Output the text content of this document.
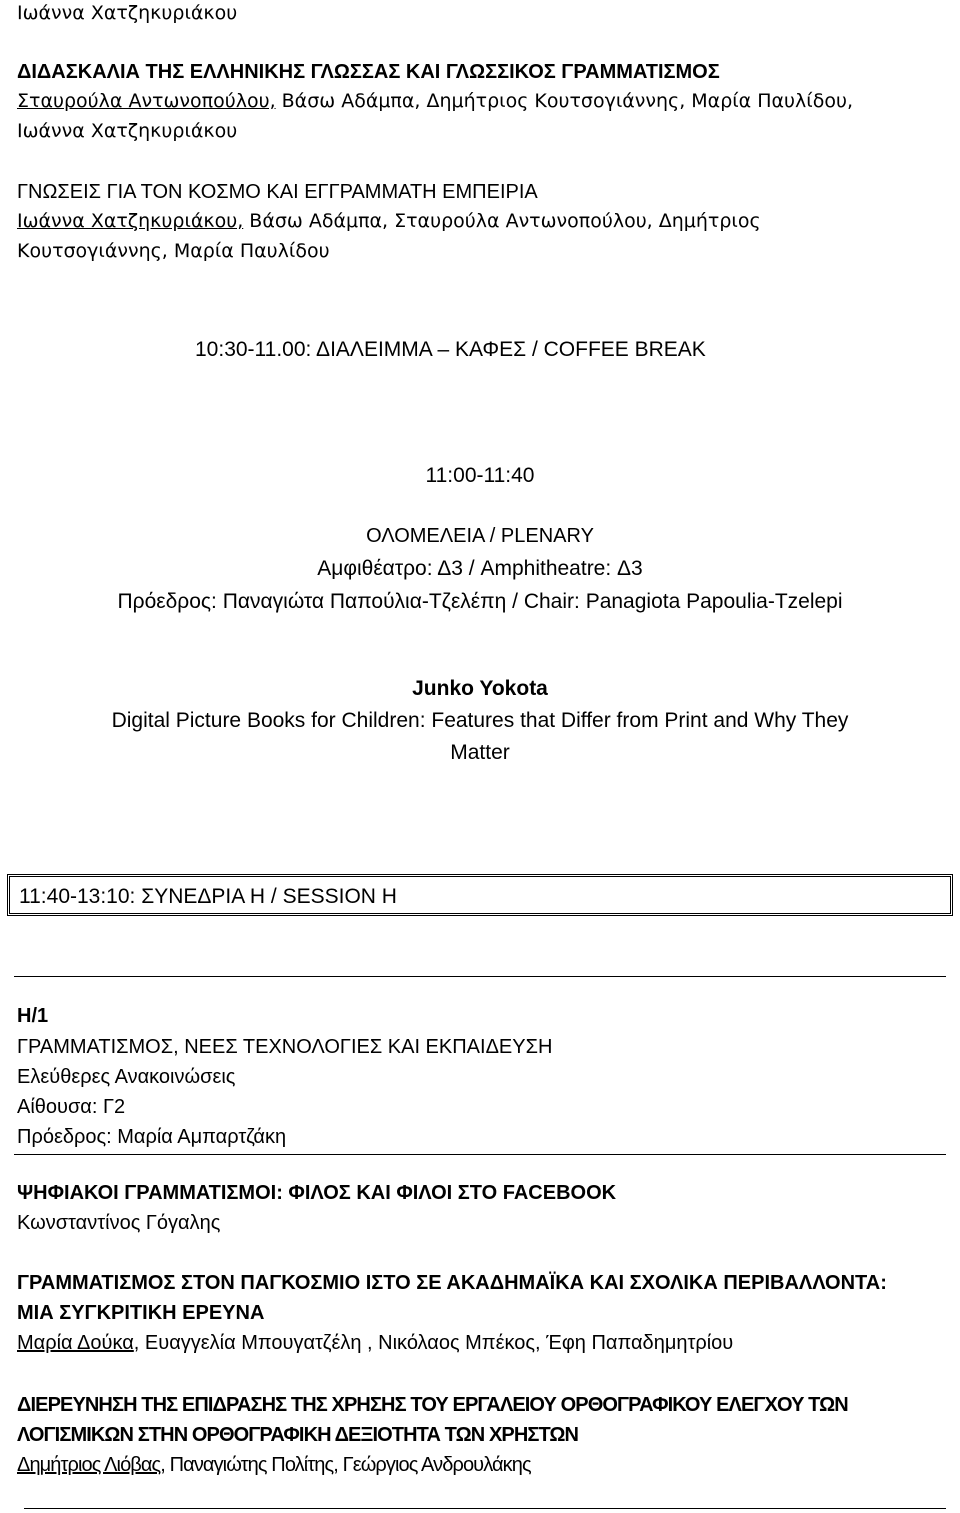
Ιωάννα Χατζηκυριάκου
ΔΙΔΑΣΚΑΛΙΑ ΤΗΣ ΕΛΛΗΝΙΚΗΣ ΓΛΩΣΣΑΣ ΚΑΙ ΓΛΩΣΣΙΚΟΣ ΓΡΑΜΜΑΤΙΣΜΟΣ
Σταυρούλα Αντωνοπούλου, Βάσω Αδάμπα, Δημήτριος Κουτσογιάννης, Μαρία Παυλίδου,
Ιωάννα Χατζηκυριάκου
ΓΝΩΣΕΙΣ ΓΙΑ ΤΟΝ ΚΟΣΜΟ ΚΑΙ ΕΓΓΡΑΜΜΑΤΗ ΕΜΠΕΙΡΙΑ
Ιωάννα Χατζηκυριάκου, Βάσω Αδάμπα, Σταυρούλα Αντωνοπούλου, Δημήτριος
Κουτσογιάννης, Μαρία Παυλίδου
10:30-11.00: ΔΙΑΛΕΙΜΜΑ – ΚΑΦΕΣ / COFFEE BREAK
11:00-11:40
ΟΛΟΜΕΛΕΙΑ / PLENARY
Αμφιθέατρο: Δ3 / Amphitheatre: Δ3
Πρόεδρος: Παναγιώτα Παπούλια-Τζελέπη / Chair: Panagiota Papoulia-Tzelepi
Junko Yokota
Digital Picture Books for Children: Features that Differ from Print and Why They
Matter
11:40-13:10: ΣΥΝΕΔΡΙΑ Η / SESSION H
Η/1
ΓΡΑΜΜΑΤΙΣΜΟΣ, ΝΕΕΣ ΤΕΧΝΟΛΟΓΙΕΣ ΚΑΙ ΕΚΠΑΙΔΕΥΣΗ
Ελεύθερες Ανακοινώσεις
Αίθουσα: Γ2
Πρόεδρος: Μαρία Αμπαρτζάκη
ΨΗΦΙΑΚΟΙ ΓΡΑΜΜΑΤΙΣΜΟΙ: ΦΙΛΟΣ ΚΑΙ ΦΙΛΟΙ ΣΤΟ FACEBOOK
Κωνσταντίνος Γόγαλης
ΓΡΑΜΜΑΤΙΣΜΟΣ ΣΤΟΝ ΠΑΓΚΟΣΜΙΟ ΙΣΤΟ ΣΕ ΑΚΑΔΗΜΑΪΚΑ ΚΑΙ ΣΧΟΛΙΚΑ ΠΕΡΙΒΑΛΛΟΝΤΑ:
ΜΙΑ ΣΥΓΚΡΙΤΙΚΗ ΕΡΕΥΝΑ
Μαρία Δούκα, Ευαγγελία Μπουγατζέλη , Νικόλαος Μπέκος, Έφη Παπαδημητρίου
ΔΙΕΡΕΥΝΗΣΗ ΤΗΣ ΕΠΙΔΡΑΣΗΣ ΤΗΣ ΧΡΗΣΗΣ ΤΟΥ ΕΡΓΑΛΕΙΟΥ ΟΡΘΟΓΡΑΦΙΚΟΥ ΕΛΕΓΧΟΥ ΤΩΝ
ΛΟΓΙΣΜΙΚΩΝ ΣΤΗΝ ΟΡΘΟΓΡΑΦΙΚΗ ΔΕΞΙΟΤΗΤΑ ΤΩΝ ΧΡΗΣΤΩΝ
Δημήτριος Λιόβας, Παναγιώτης Πολίτης, Γεώργιος Ανδρουλάκης
